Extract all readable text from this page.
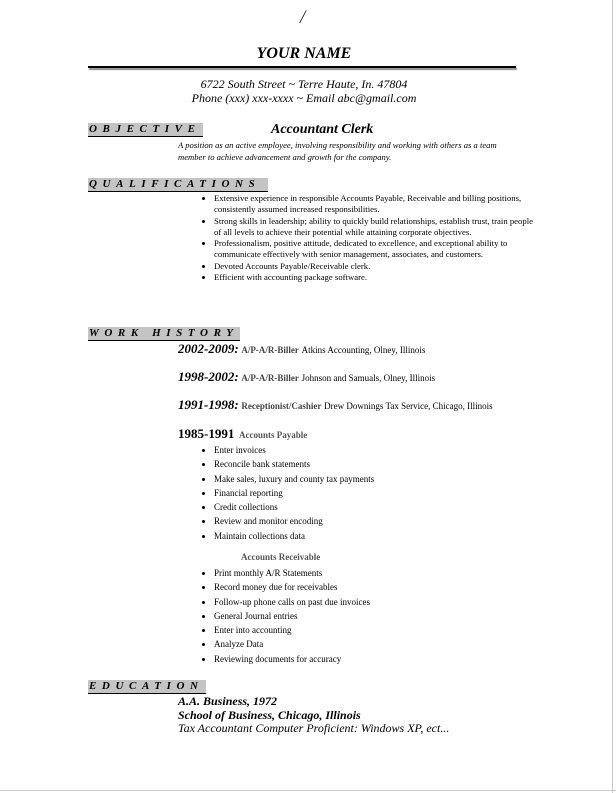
/
YOUR NAME
6722 South Street ~ Terre Haute, In. 47804
Phone (xxx) xxx-xxxx ~ Email abc@gmail.com
OBJECTIVE	Accountant Clerk
A position as an active employee, involving responsibility and working with others as a team member to achieve advancement and growth for the company.
QUALIFICATIONS
• Extensive experience in responsible Accounts Payable, Receivable and billing positions, consistently assumed increased responsibilities.
• Strong skills in leadership; ability to quickly build relationships, establish trust, train people of all levels to achieve their potential while attaining corporate objectives.
• Professionalism, positive attitude, dedicated to excellence, and exceptional ability to communicate effectively with senior management, associates, and customers.
• Devoted Accounts Payable/Receivable clerk.
• Efficient with accounting package software.
WORK HISTORY
2002-2009: A/P-A/R-Biller Atkins Accounting, Olney, Illinois
1998-2002: A/P-A/R-Biller Johnson and Samuals, Olney, Illinois
1991-1998: Receptionist/Cashier Drew Downings Tax Service, Chicago, Illinois
1985-1991 Accounts Payable
• Enter invoices
• Reconcile bank statements
• Make sales, luxury and county tax payments
• Financial reporting
• Credit collections
• Review and monitor encoding
• Maintain collections data
Accounts Receivable
• Print monthly A/R Statements
• Record money due for receivables
• Follow-up phone calls on past due invoices
• General Journal entries
• Enter into accounting
• Analyze Data
• Reviewing documents for accuracy
EDUCATION
A.A. Business, 1972
School of Business, Chicago, Illinois
Tax Accountant Computer Proficient: Windows XP, ect...
